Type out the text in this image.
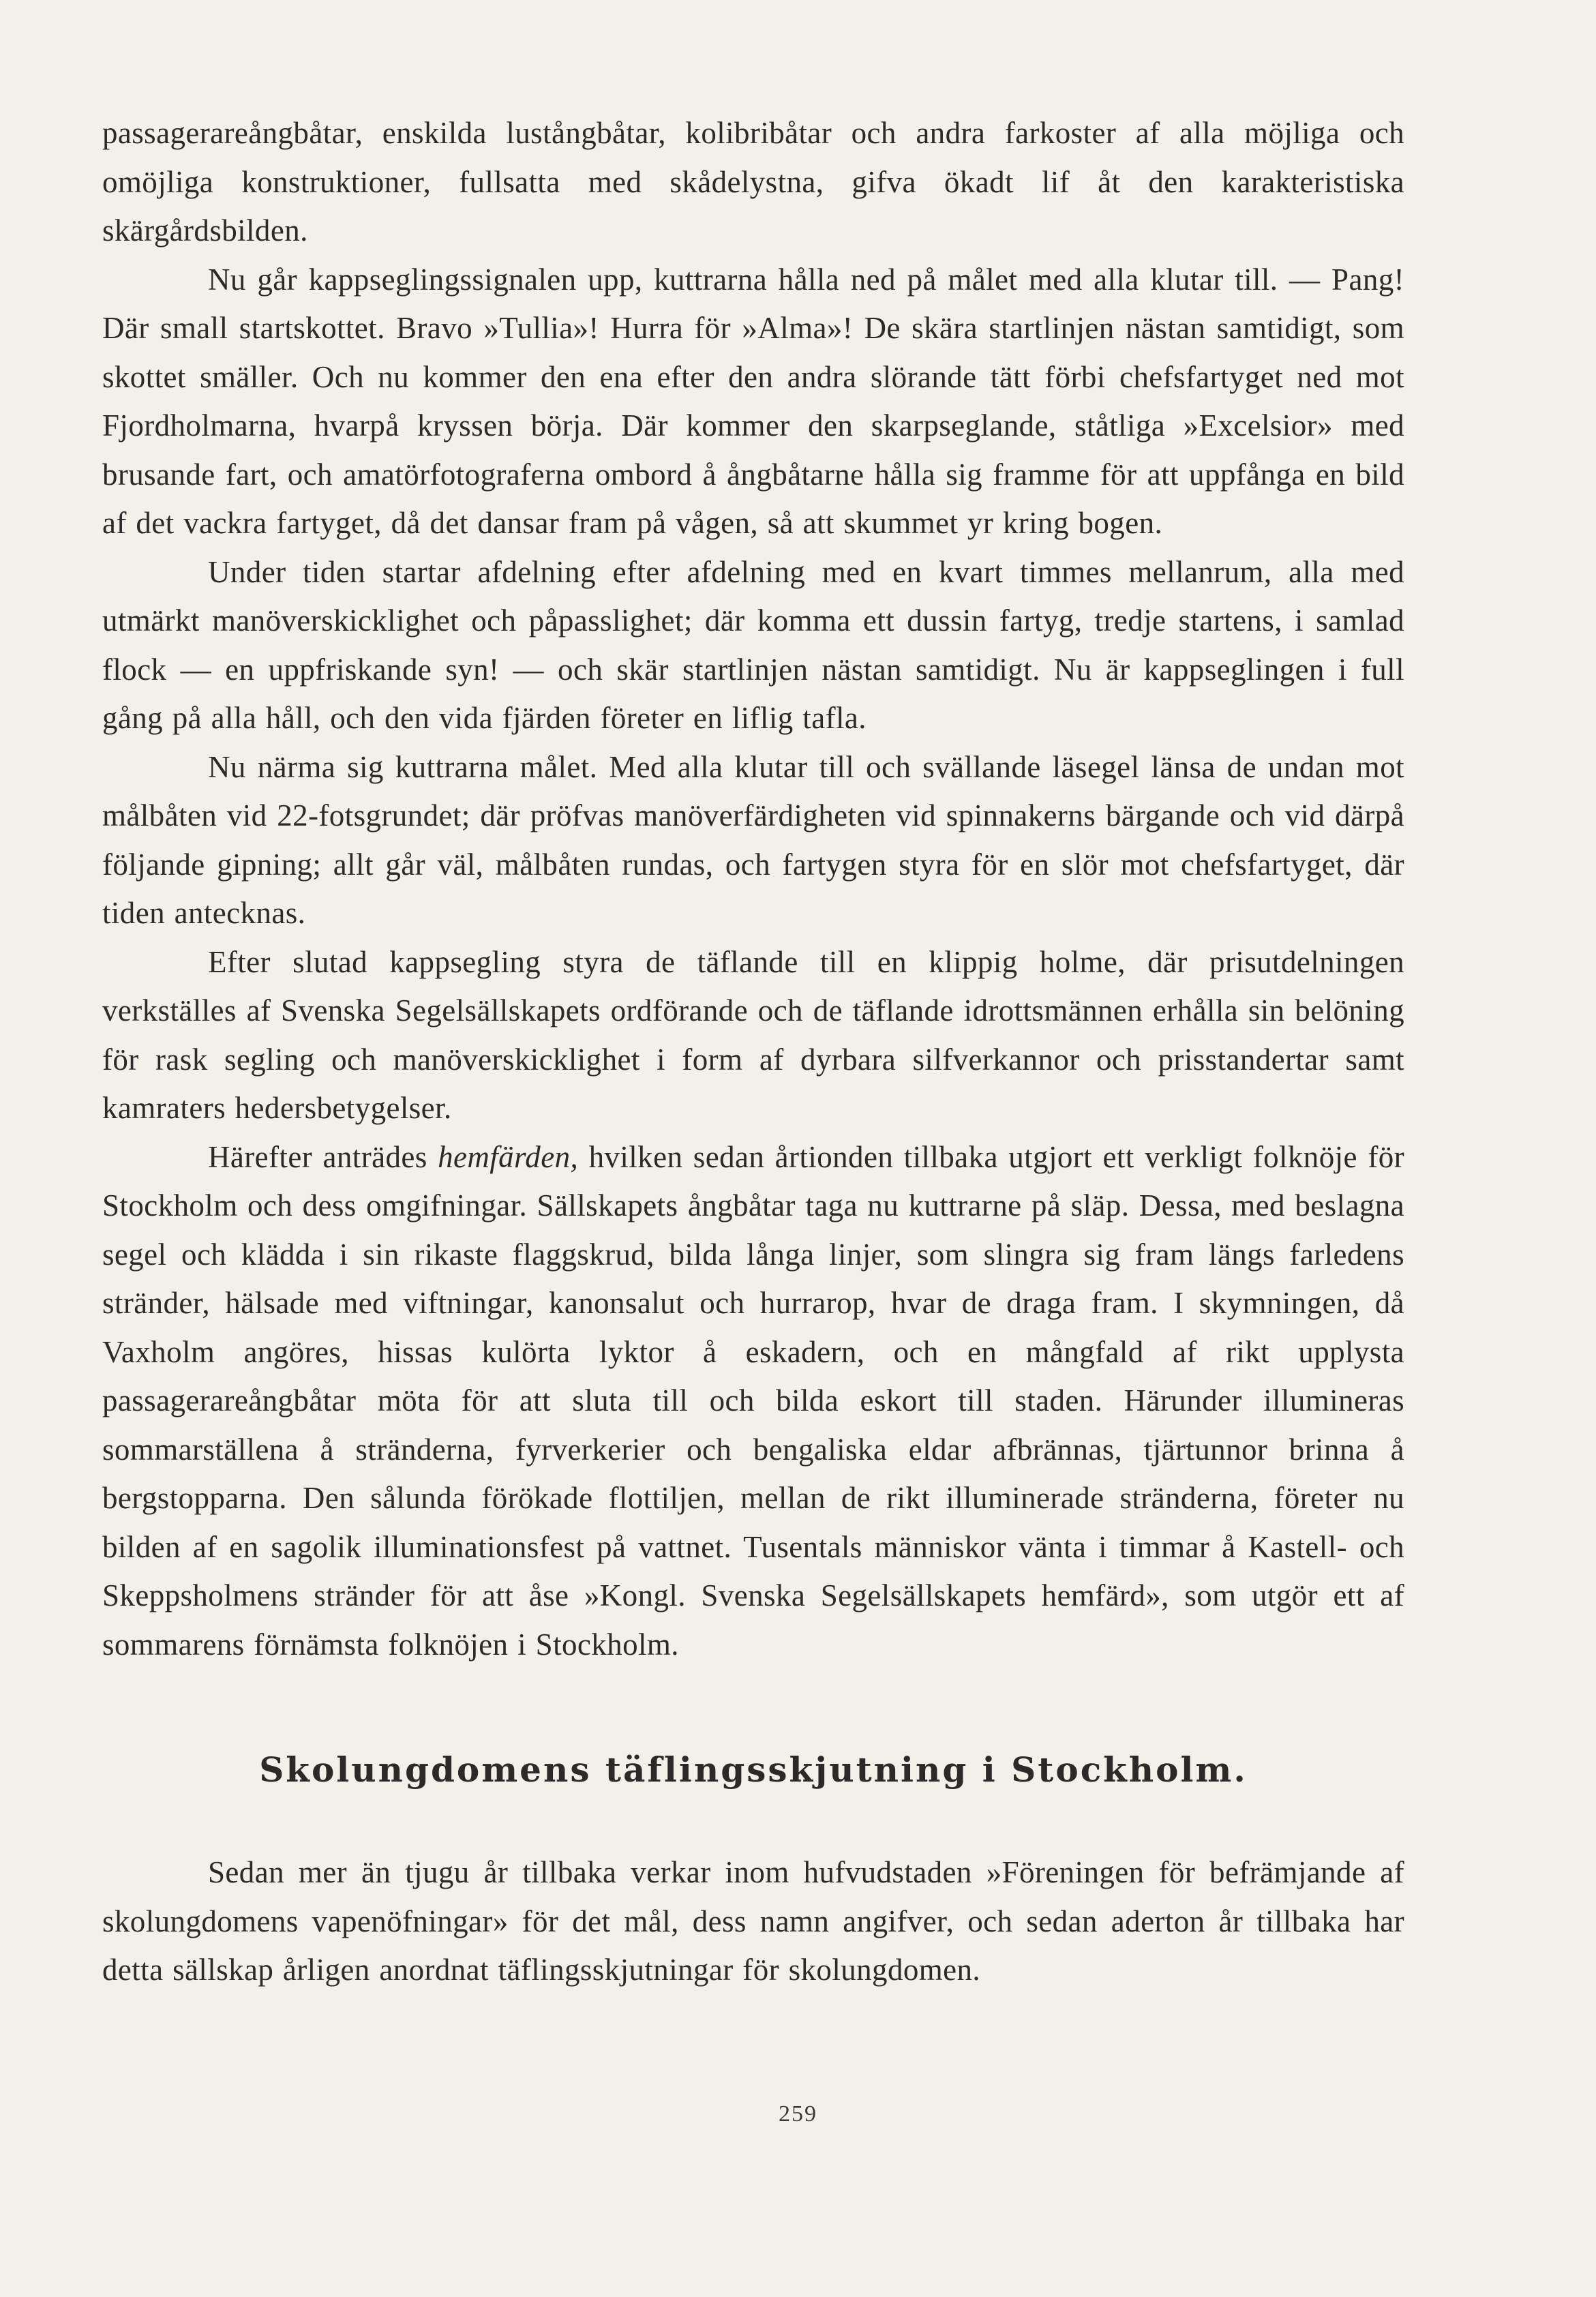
passagerareångbåtar, enskilda lustångbåtar, kolibribåtar och andra farkoster af alla möjliga och omöjliga konstruktioner, fullsatta med skådelystna, gifva ökadt lif åt den karakteristiska skärgårdsbilden.

Nu går kappseglingssignalen upp, kuttrarna hålla ned på målet med alla klutar till. — Pang! Där small startskottet. Bravo »Tullia»! Hurra för »Alma»! De skära startlinjen nästan samtidigt, som skottet smäller. Och nu kommer den ena efter den andra slörande tätt förbi chefsfartyget ned mot Fjordholmarna, hvarpå kryssen börja. Där kommer den skarpseglande, ståtliga »Excelsior» med brusande fart, och amatörfotograferna ombord å ångbåtarne hålla sig framme för att uppfånga en bild af det vackra fartyget, då det dansar fram på vågen, så att skummet yr kring bogen.

Under tiden startar afdelning efter afdelning med en kvart timmes mellanrum, alla med utmärkt manöverskicklighet och påpasslighet; där komma ett dussin fartyg, tredje startens, i samlad flock — en uppfriskande syn! — och skär startlinjen nästan samtidigt. Nu är kappseglingen i full gång på alla håll, och den vida fjärden företer en liflig tafla.

Nu närma sig kuttrarna målet. Med alla klutar till och svällande läsegel länsa de undan mot målbåten vid 22-fotsgrundet; där pröfvas manöverfärdigheten vid spinnakerns bärgande och vid därpå följande gipning; allt går väl, målbåten rundas, och fartygen styra för en slör mot chefsfartyget, där tiden antecknas.

Efter slutad kappsegling styra de täflande till en klippig holme, där prisutdelningen verkställes af Svenska Segelsällskapets ordförande och de täflande idrottsmännen erhålla sin belöning för rask segling och manöverskicklighet i form af dyrbara silfverkannor och prisstandertar samt kamraters hedersbetygelser.

Härefter anträdes hemfärden, hvilken sedan årtionden tillbaka utgjort ett verkligt folknöje för Stockholm och dess omgifningar. Sällskapets ångbåtar taga nu kuttrarne på släp. Dessa, med beslagna segel och klädda i sin rikaste flaggskrud, bilda långa linjer, som slingra sig fram längs farledens stränder, hälsade med viftningar, kanonsalut och hurrarop, hvar de draga fram. I skymningen, då Vaxholm angöres, hissas kulörta lyktor å eskadern, och en mångfald af rikt upplysta passagerareångbåtar möta för att sluta till och bilda eskort till staden. Härunder illumineras sommarställena å stränderna, fyrverkerier och bengaliska eldar afbrännas, tjärtunnor brinna å bergstopparna. Den sålunda förökade flottiljen, mellan de rikt illuminerade stränderna, företer nu bilden af en sagolik illuminationsfest på vattnet. Tusentals människor vänta i timmar å Kastell- och Skeppsholmens stränder för att åse »Kongl. Svenska Segelsällskapets hemfärd», som utgör ett af sommarens förnämsta folknöjen i Stockholm.

Skolungdomens täflingsskjutning i Stockholm.

Sedan mer än tjugu år tillbaka verkar inom hufvudstaden »Föreningen för befrämjande af skolungdomens vapenöfningar» för det mål, dess namn angifver, och sedan aderton år tillbaka har detta sällskap årligen anordnat täflingsskjutningar för skolungdomen.

259
